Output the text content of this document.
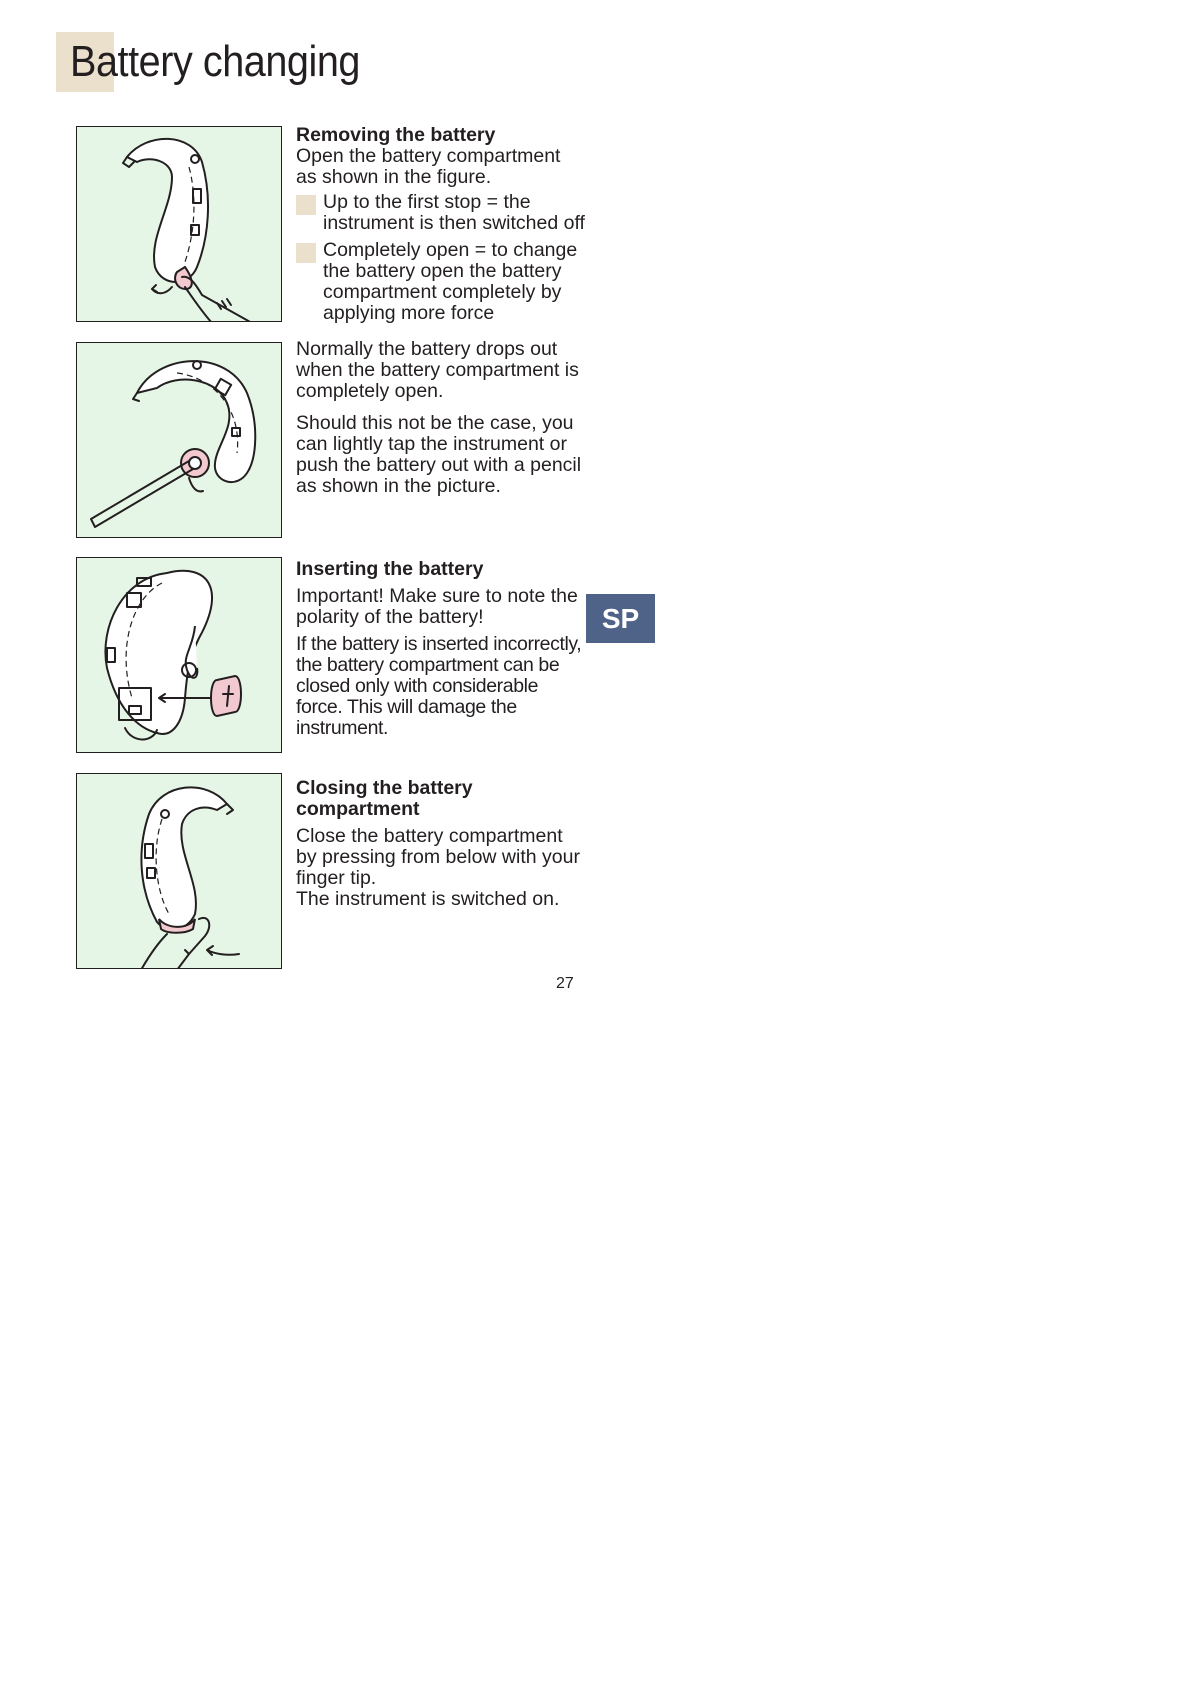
Battery changing

Removing the battery

Open the battery compartment as shown in the figure.

Up to the first stop = the instrument is then switched off
Completely open = to change the battery open the battery compartment completely by applying more force

Normally the battery drops out when the battery compartment is completely open.

Should this not be the case, you can lightly tap the instrument or push the battery out with a pencil as shown in the picture.

Inserting the battery

Important! Make sure to note the polarity of the battery!

If the battery is inserted incorrectly, the battery compartment can be closed only with considerable force. This will damage the instrument.

Closing the battery compartment

Close the battery compartment by pressing from below with your finger tip.

The instrument is switched on.

SP
27
